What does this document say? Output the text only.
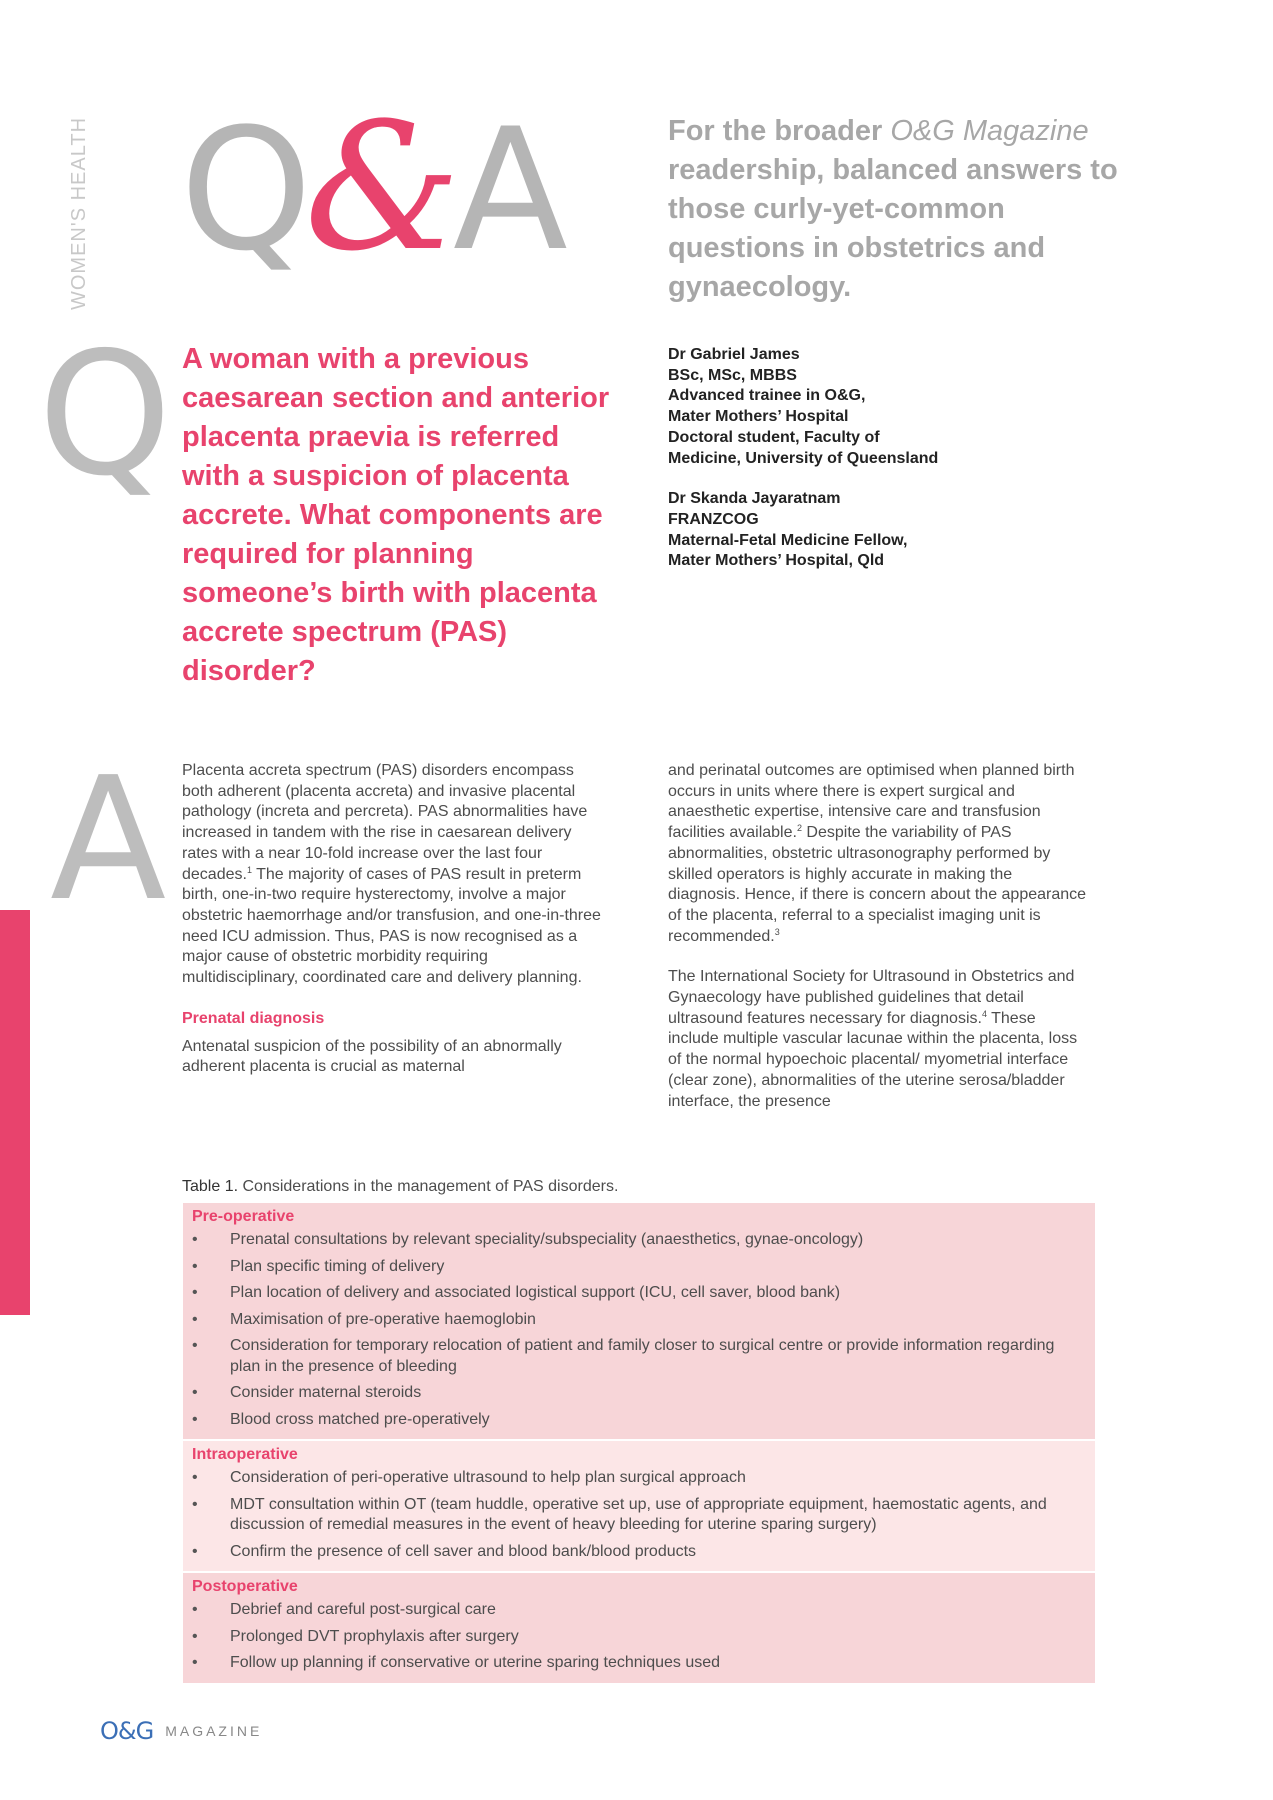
WOMEN'S HEALTH Q&A	For the broader O&G Magazine readership, balanced answers to those curly-yet-common questions in obstetrics and gynaecology.
Q A woman with a previous caesarean section and anterior placenta praevia is referred with a suspicion of placenta accrete. What components are required for planning someone’s birth with placenta accrete spectrum (PAS) disorder?
Dr Gabriel James
BSc, MSc, MBBS
Advanced trainee in O&G,
Mater Mothers’ Hospital
Doctoral student, Faculty of
Medicine, University of Queensland
Dr Skanda Jayaratnam
FRANZCOG
Maternal-Fetal Medicine Fellow,
Mater Mothers’ Hospital, Qld
A Placenta accreta spectrum (PAS) disorders encompass both adherent (placenta accreta) and invasive placental pathology (increta and percreta). PAS abnormalities have increased in tandem with the rise in caesarean delivery rates with a near 10-fold increase over the last four decades.$^1$ The majority of cases of PAS result in preterm birth, one-in-two require hysterectomy, involve a major obstetric haemorrhage and/or transfusion, and one-in-three need ICU admission. Thus, PAS is now recognised as a major cause of obstetric morbidity requiring multidisciplinary, coordinated care and delivery planning.

Prenatal diagnosis

Antenatal suspicion of the possibility of an abnormally adherent placenta is crucial as maternal

and perinatal outcomes are optimised when planned birth occurs in units where there is expert surgical and anaesthetic expertise, intensive care and transfusion facilities available.$^2$ Despite the variability of PAS abnormalities, obstetric ultrasonography performed by skilled operators is highly accurate in making the diagnosis. Hence, if there is concern about the appearance of the placenta, referral to a specialist imaging unit is recommended.$^3$

The International Society for Ultrasound in Obstetrics and Gynaecology have published guidelines that detail ultrasound features necessary for diagnosis.$^4$ These include multiple vascular lacunae within the placenta, loss of the normal hypoechoic placental/ myometrial interface (clear zone), abnormalities of the uterine serosa/bladder interface, the presence

Table 1. Considerations in the management of PAS disorders.
Pre-operative
• Prenatal consultations by relevant speciality/subspeciality (anaesthetics, gynae-oncology)
• Plan specific timing of delivery
• Plan location of delivery and associated logistical support (ICU, cell saver, blood bank)
• Maximisation of pre-operative haemoglobin
• Consideration for temporary relocation of patient and family closer to surgical centre or provide information regarding plan in the presence of bleeding
• Consider maternal steroids
• Blood cross matched pre-operatively
Intraoperative
• Consideration of peri-operative ultrasound to help plan surgical approach
• MDT consultation within OT (team huddle, operative set up, use of appropriate equipment, haemostatic agents, and discussion of remedial measures in the event of heavy bleeding for uterine sparing surgery)
• Confirm the presence of cell saver and blood bank/blood products
Postoperative
• Debrief and careful post-surgical care
• Prolonged DVT prophylaxis after surgery
• Follow up planning if conservative or uterine sparing techniques used
O&G MAGAZINE
